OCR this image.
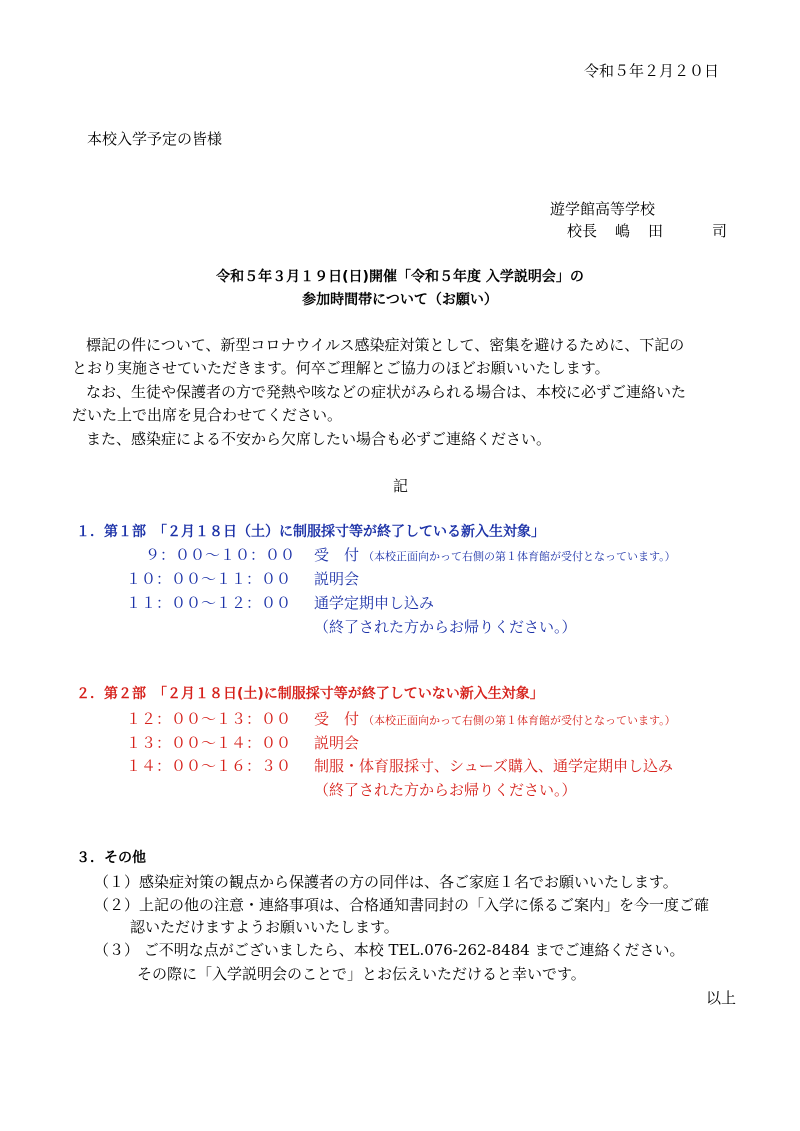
令和５年２月２０日
本校入学予定の皆様
遊学館高等学校
校長 嶋 田	司
令和５年３月１９日(日)開催「令和５年度 入学説明会」の
参加時間帯について（お願い）
標記の件について、新型コロナウイルス感染症対策として、密集を避けるために、下記の
とおり実施させていただきます。何卒ご理解とご協力のほどお願いいたします。
なお、生徒や保護者の方で発熱や咳などの症状がみられる場合は、本校に必ずご連絡いた
だいた上で出席を見合わせてください。
また、感染症による不安から欠席したい場合も必ずご連絡ください。
記
１．第１部　「２月１８日（土）に制服採寸等が終了している新入生対象」
９：００～１０：００ 受　付 （本校正面向かって右側の第１体育館が受付となっています。）
１０：００～１１：００ 説明会
１１：００～１２：００ 通学定期申し込み
（終了された方からお帰りください。）
２．第２部　「２月１８日(土)に制服採寸等が終了していない新入生対象」
１２：００～１３：００ 受　付 （本校正面向かって右側の第１体育館が受付となっています。）
１３：００～１４：００ 説明会
１４：００～１６：３０ 制服・体育服採寸、シューズ購入、通学定期申し込み
（終了された方からお帰りください。）
３．その他
（１）感染症対策の観点から保護者の方の同伴は、各ご家庭１名でお願いいたします。
（２）上記の他の注意・連絡事項は、合格通知書同封の「入学に係るご案内」を今一度ご確
認いただけますようお願いいたします。
（３） ご不明な点がございましたら、本校 TEL.076-262-8484 までご連絡ください。
その際に「入学説明会のことで」とお伝えいただけると幸いです。
以上
